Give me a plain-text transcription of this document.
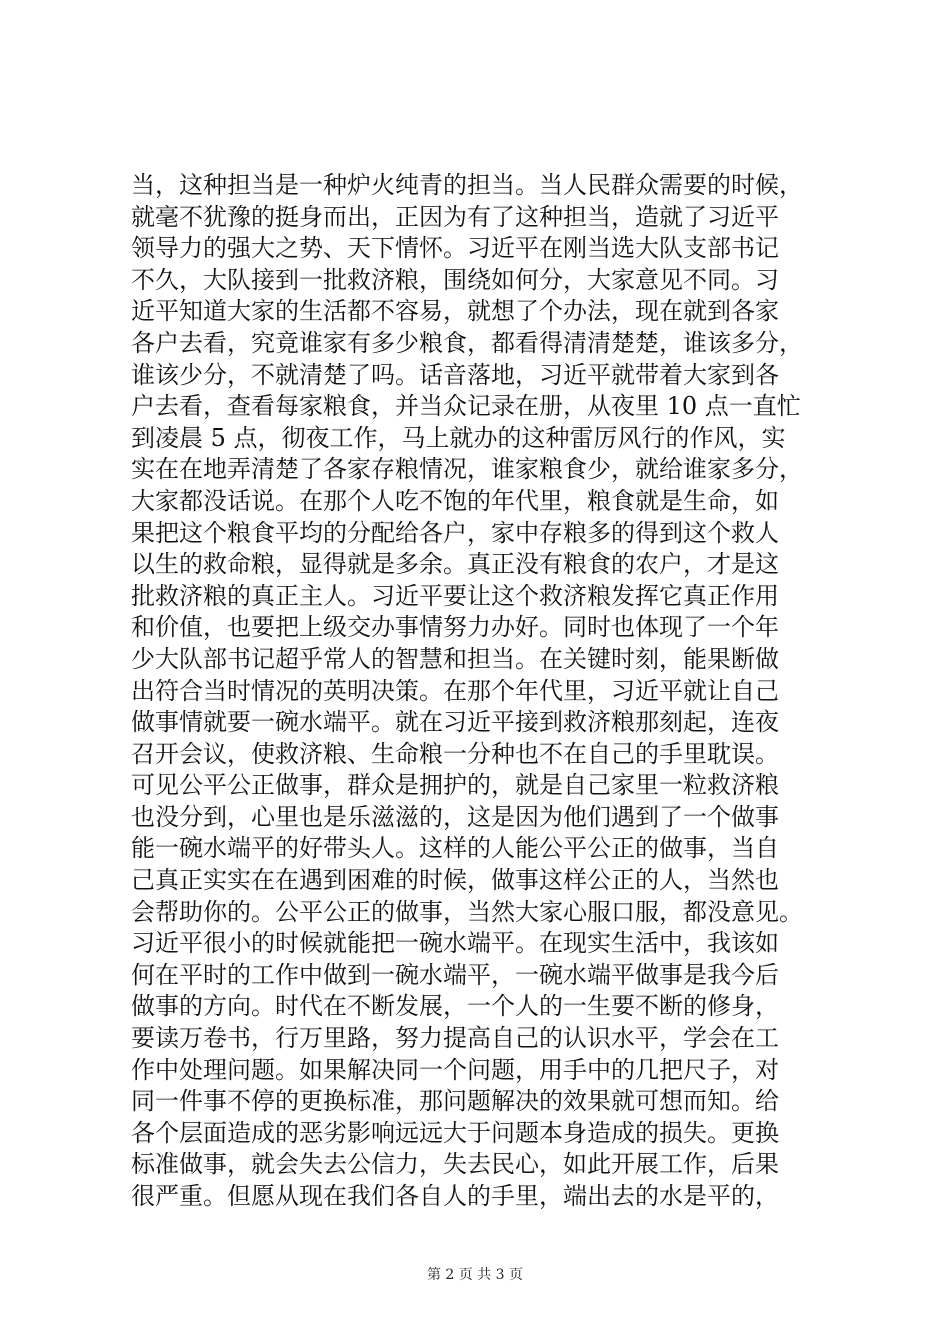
当，这种担当是一种炉火纯青的担当。当人民群众需要的时候，
就毫不犹豫的挺身而出，正因为有了这种担当，造就了习近平
领导力的强大之势、天下情怀。习近平在刚当选大队支部书记
不久，大队接到一批救济粮，围绕如何分，大家意见不同。习
近平知道大家的生活都不容易，就想了个办法，现在就到各家
各户去看，究竟谁家有多少粮食，都看得清清楚楚，谁该多分，
谁该少分，不就清楚了吗。话音落地，习近平就带着大家到各
户去看，查看每家粮食，并当众记录在册，从夜里 10 点一直忙
到凌晨 5 点，彻夜工作，马上就办的这种雷厉风行的作风，实
实在在地弄清楚了各家存粮情况，谁家粮食少，就给谁家多分，
大家都没话说。在那个人吃不饱的年代里，粮食就是生命，如
果把这个粮食平均的分配给各户，家中存粮多的得到这个救人
以生的救命粮，显得就是多余。真正没有粮食的农户，才是这
批救济粮的真正主人。习近平要让这个救济粮发挥它真正作用
和价值，也要把上级交办事情努力办好。同时也体现了一个年
少大队部书记超乎常人的智慧和担当。在关键时刻，能果断做
出符合当时情况的英明决策。在那个年代里，习近平就让自己
做事情就要一碗水端平。就在习近平接到救济粮那刻起，连夜
召开会议，使救济粮、生命粮一分种也不在自己的手里耽误。
可见公平公正做事，群众是拥护的，就是自己家里一粒救济粮
也没分到，心里也是乐滋滋的，这是因为他们遇到了一个做事
能一碗水端平的好带头人。这样的人能公平公正的做事，当自
己真正实实在在遇到困难的时候，做事这样公正的人，当然也
会帮助你的。公平公正的做事，当然大家心服口服，都没意见。
习近平很小的时候就能把一碗水端平。在现实生活中，我该如
何在平时的工作中做到一碗水端平，一碗水端平做事是我今后
做事的方向。时代在不断发展，一个人的一生要不断的修身，
要读万卷书，行万里路，努力提高自己的认识水平，学会在工
作中处理问题。如果解决同一个问题，用手中的几把尺子，对
同一件事不停的更换标准，那问题解决的效果就可想而知。给
各个层面造成的恶劣影响远远大于问题本身造成的损失。更换
标准做事，就会失去公信力，失去民心，如此开展工作，后果
很严重。但愿从现在我们各自人的手里，端出去的水是平的，
第 2 页 共 3 页
